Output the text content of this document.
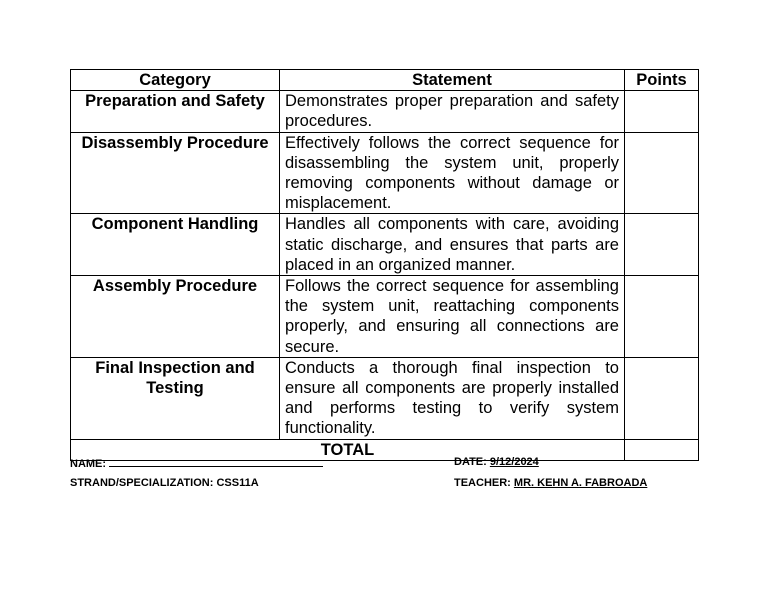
Category	Statement	Points
Preparation and Safety	Demonstrates proper preparation and safety procedures.	
Disassembly Procedure	Effectively follows the correct sequence for disassembling the system unit, properly removing components without damage or misplacement.	
Component Handling	Handles all components with care, avoiding static discharge, and ensures that parts are placed in an organized manner.	
Assembly Procedure	Follows the correct sequence for assembling the system unit, reattaching components properly, and ensuring all connections are secure.	
Final Inspection and Testing	Conducts a thorough final inspection to ensure all components are properly installed and performs testing to verify system functionality.	
TOTAL		
NAME:	DATE: 9/12/2024
STRAND/SPECIALIZATION: CSS11A	TEACHER: MR. KEHN A. FABROADA
